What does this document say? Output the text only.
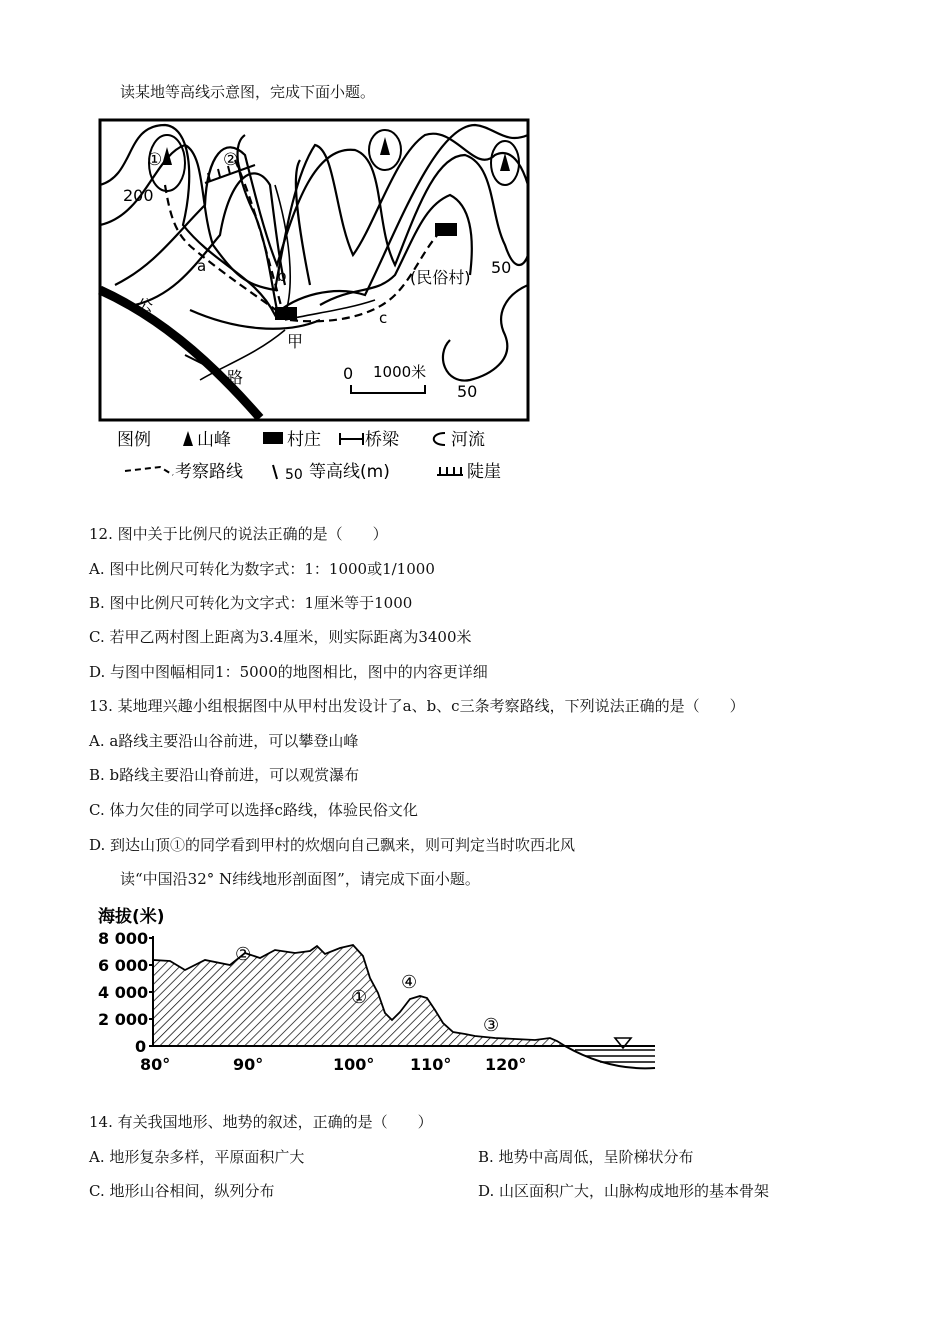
读某地等高线示意图，完成下面小题。
①	②
200
50
50
a
b
c
(民俗村)
甲
公
路	0 1000米
图例	山峰	村庄	桥梁	河流
考察路线	50 等高线(m)	陡崖
12. 图中关于比例尺的说法正确的是（　　）
A. 图中比例尺可转化为数字式：1：1000或1/1000
B. 图中比例尺可转化为文字式：1厘米等于1000
C. 若甲乙两村图上距离为3.4厘米，则实际距离为3400米
D. 与图中图幅相同1：5000的地图相比，图中的内容更详细
13. 某地理兴趣小组根据图中从甲村出发设计了a、b、c三条考察路线，下列说法正确的是（　　）
A. a路线主要沿山谷前进，可以攀登山峰
B. b路线主要沿山脊前进，可以观赏瀑布
C. 体力欠佳的同学可以选择c路线，体验民俗文化
D. 到达山顶①的同学看到甲村的炊烟向自己飘来，则可判定当时吹西北风
读“中国沿32° N纬线地形剖面图”，请完成下面小题。
海拔(米)
8 000
6 000
4 000
2 000
0
②
①
④
③
80°	90°	100° 110° 120°
14. 有关我国地形、地势的叙述，正确的是（　　）
A. 地形复杂多样，平原面积广大	B. 地势中高周低，呈阶梯状分布
C. 地形山谷相间，纵列分布	D. 山区面积广大，山脉构成地形的基本骨架
